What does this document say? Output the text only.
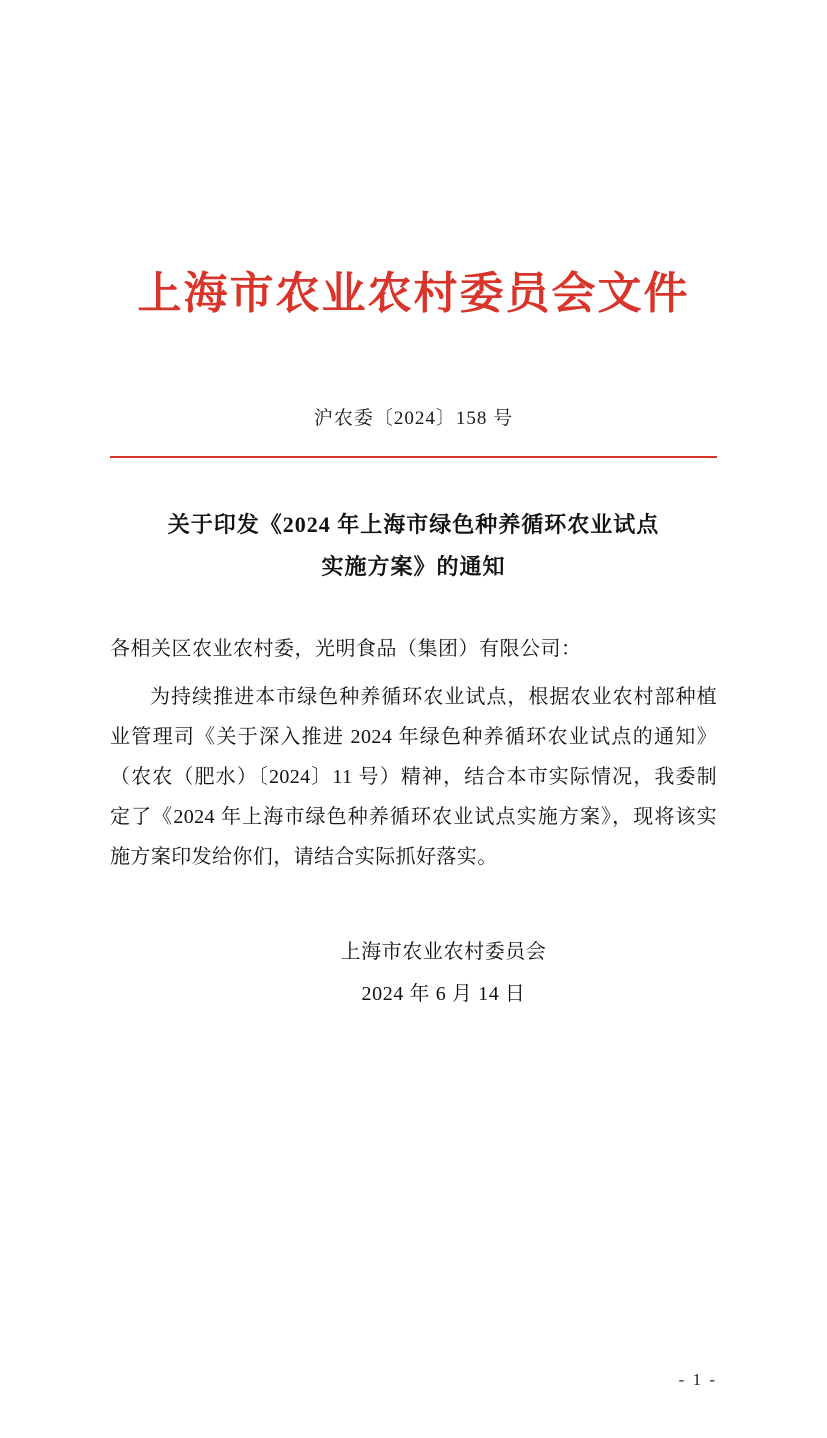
上海市农业农村委员会文件
沪农委〔2024〕158 号
关于印发《2024 年上海市绿色种养循环农业试点
实施方案》的通知
各相关区农业农村委，光明食品（集团）有限公司：
为持续推进本市绿色种养循环农业试点，根据农业农村部种植业管理司《关于深入推进 2024 年绿色种养循环农业试点的通知》（农农（肥水）〔2024〕11 号）精神，结合本市实际情况，我委制定了《2024 年上海市绿色种养循环农业试点实施方案》，现将该实施方案印发给你们，请结合实际抓好落实。
上海市农业农村委员会
2024 年 6 月 14 日
- 1 -
